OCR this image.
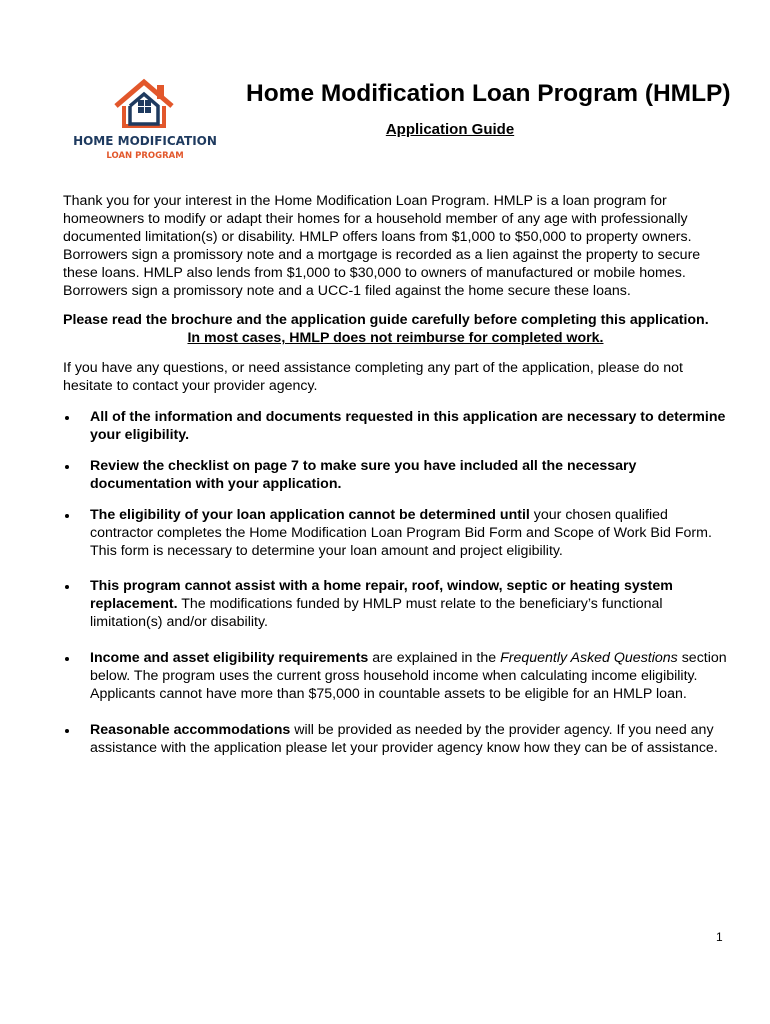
HOME MODIFICATION
LOAN PROGRAM
Home Modification Loan Program (HMLP)
Application Guide

Thank you for your interest in the Home Modification Loan Program. HMLP is a loan program for homeowners to modify or adapt their homes for a household member of any age with professionally documented limitation(s) or disability. HMLP offers loans from $1,000 to $50,000 to property owners. Borrowers sign a promissory note and a mortgage is recorded as a lien against the property to secure these loans. HMLP also lends from $1,000 to $30,000 to owners of manufactured or mobile homes. Borrowers sign a promissory note and a UCC-1 filed against the home secure these loans.

Please read the brochure and the application guide carefully before completing this application.

In most cases, HMLP does not reimburse for completed work.

If you have any questions, or need assistance completing any part of the application, please do not hesitate to contact your provider agency.

All of the information and documents requested in this application are necessary to determine your eligibility.
Review the checklist on page 7 to make sure you have included all the necessary documentation with your application.
The eligibility of your loan application cannot be determined until your chosen qualified contractor completes the Home Modification Loan Program Bid Form and Scope of Work Bid Form. This form is necessary to determine your loan amount and project eligibility.
This program cannot assist with a home repair, roof, window, septic or heating system replacement. The modifications funded by HMLP must relate to the beneficiary’s functional limitation(s) and/or disability.
Income and asset eligibility requirements are explained in the Frequently Asked Questions section below. The program uses the current gross household income when calculating income eligibility. Applicants cannot have more than $75,000 in countable assets to be eligible for an HMLP loan.
Reasonable accommodations will be provided as needed by the provider agency. If you need any assistance with the application please let your provider agency know how they can be of assistance.
1
